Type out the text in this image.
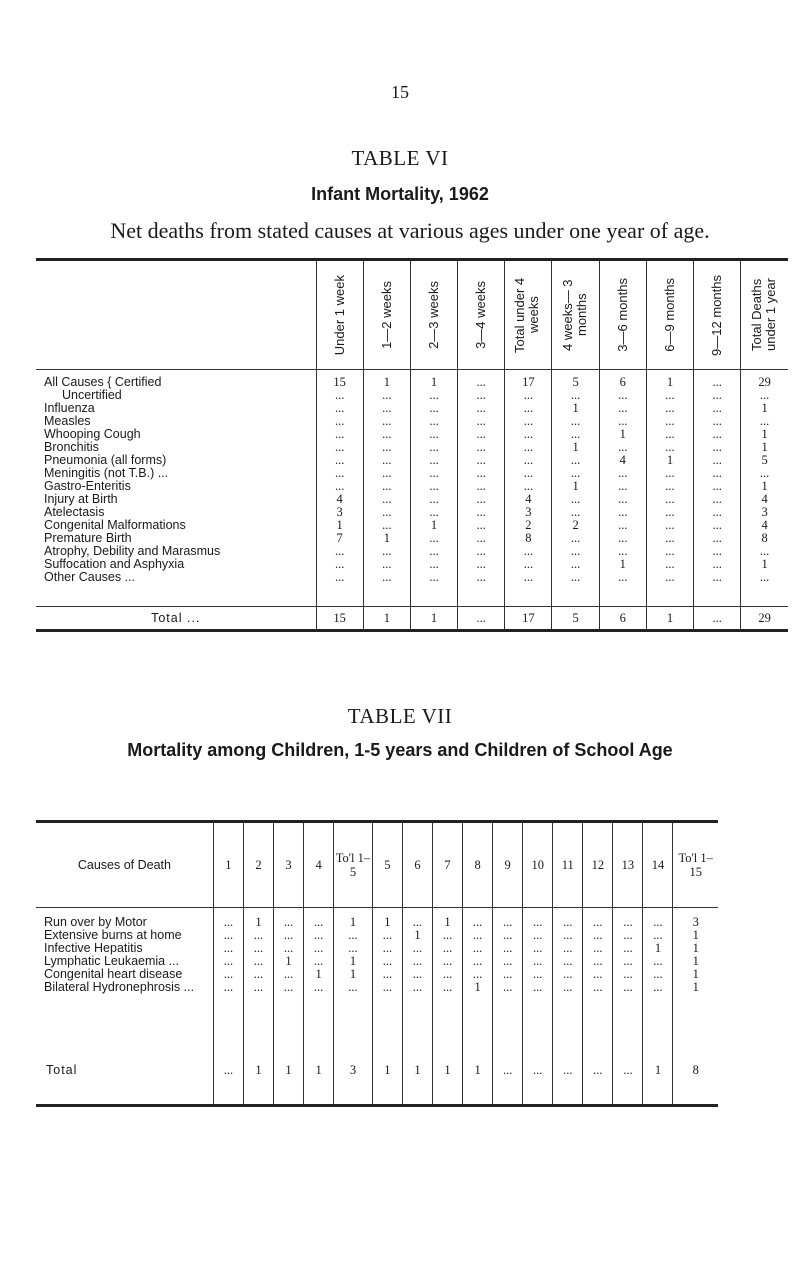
15
TABLE VI
Infant Mortality, 1962
Net deaths from stated causes at various ages under one year of age.

	Under 1 week	1—2 weeks	2—3 weeks	3—4 weeks	Total under 4 weeks	4 weeks— 3 months	3—6 months	6—9 months	9—12 months	Total Deaths under 1 year

All Causes { Certified	15	1	1	...	17	5	6	1	...	29
Uncertified	...	...	...	...	...	...	...	...	...	...
Influenza	...	...	...	...	...	1	...	...	...	1
Measles	...	...	...	...	...	...	...	...	...	...
Whooping Cough	...	...	...	...	...	...	1	...	...	1
Bronchitis	...	...	...	...	...	1	...	...	...	1
Pneumonia (all forms)	...	...	...	...	...	...	4	1	...	5
Meningitis (not T.B.) ...	...	...	...	...	...	...	...	...	...	...
Gastro-Enteritis	...	...	...	...	...	1	...	...	...	1
Injury at Birth	4	...	...	...	4	...	...	...	...	4
Atelectasis	3	...	...	...	3	...	...	...	...	3
Congenital Malformations	1	...	1	...	2	2	...	...	...	4
Premature Birth	7	1	...	...	8	...	...	...	...	8
Atrophy, Debility and Marasmus	...	...	...	...	...	...	...	...	...	...
Suffocation and Asphyxia	...	...	...	...	...	...	1	...	...	1
Other Causes ...	...	...	...	...	...	...	...	...	...	...

Total ...	15	1	1	...	17	5	6	1	...	29
TABLE VII
Mortality among Children, 1-5 years and Children of School Age
Causes of Death	1	2	3	4	To'l 1–5	5	6	7	8	9	10	11	12	13	14	To'l 1–15
Run over by Motor	...	1	...	...	1	1	...	1	...	...	...	...	...	...	...	3
Extensive burns at home	...	...	...	...	...	...	1	...	...	...	...	...	...	...	...	1
Infective Hepatitis	...	...	...	...	...	...	...	...	...	...	...	...	...	...	1	1
Lymphatic Leukaemia ...	...	...	1	...	1	...	...	...	...	...	...	...	...	...	...	1
Congenital heart disease	...	...	...	1	1	...	...	...	...	...	...	...	...	...	...	1
Bilateral Hydronephrosis ...	...	...	...	...	...	...	...	...	1	...	...	...	...	...	...	1

Total	...	1	1	1	3	1	1	1	1	...	...	...	...	...	1	8
